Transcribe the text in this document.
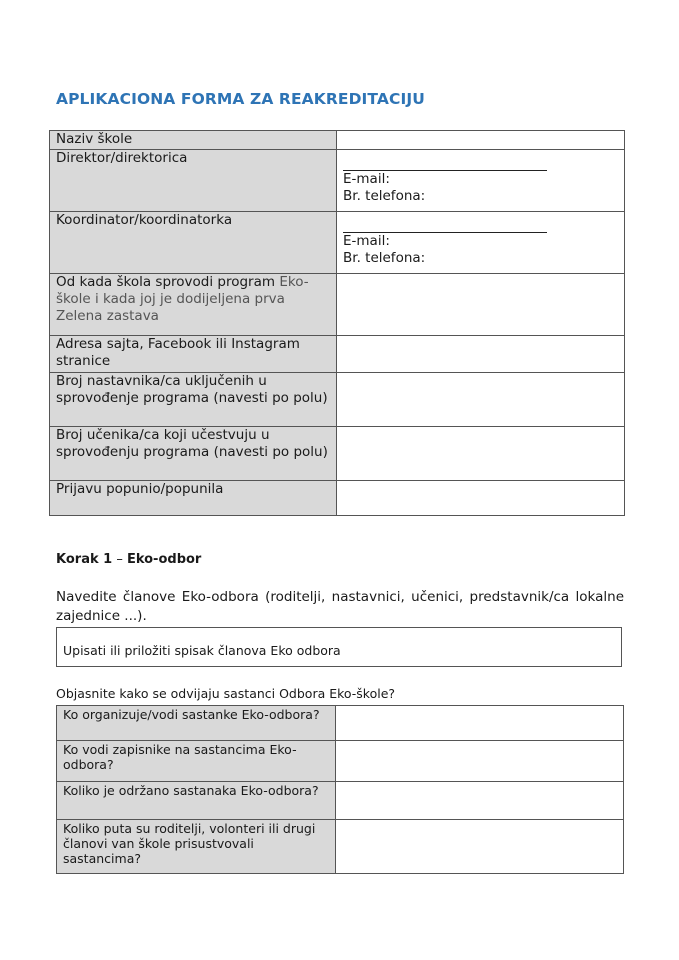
APLIKACIONA FORMA ZA REAKREDITACIJU
Naziv škole	
Direktor/direktorica	E-mail:
Br. telefona:

Koordinator/koordinatorka	E-mail:
Br. telefona:

Od kada škola sprovodi program Eko-škole i kada joj je dodijeljena prva Zelena zastava	
Adresa sajta, Facebook ili Instagram stranice	
Broj nastavnika/ca uključenih u sprovođenje programa (navesti po polu)	
Broj učenika/ca koji učestvuju u sprovođenju programa (navesti po polu)	
Prijavu popunio/popunila	
Korak 1 – Eko-odbor
Navedite članove Eko-odbora (roditelji, nastavnici, učenici, predstavnik/ca lokalne zajednice ...).
Upisati ili priložiti spisak članova Eko odbora
Objasnite kako se odvijaju sastanci Odbora Eko-škole?
Ko organizuje/vodi sastanke Eko-odbora?	
Ko vodi zapisnike na sastancima Eko-odbora?	
Koliko je održano sastanaka Eko-odbora?	
Koliko puta su roditelji, volonteri ili drugi članovi van škole prisustvovali sastancima?	
